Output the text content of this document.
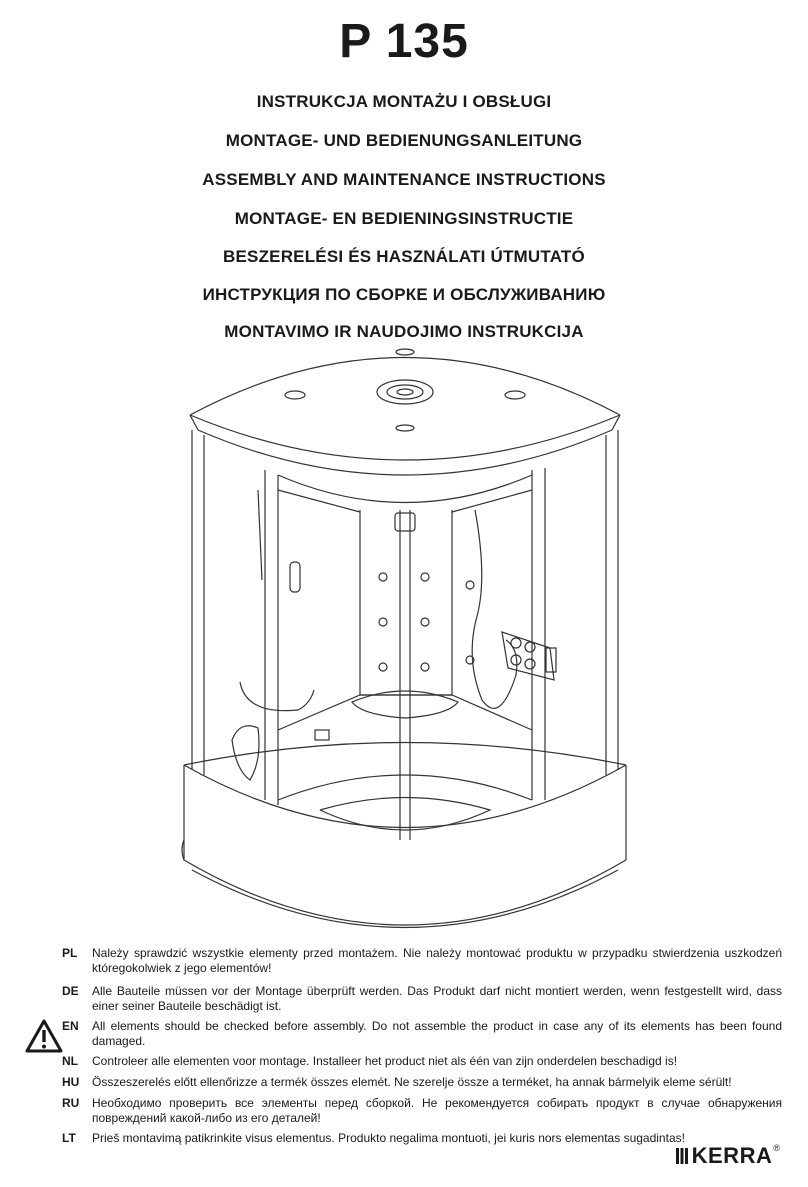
P 135
INSTRUKCJA MONTAŻU I OBSŁUGI
MONTAGE- UND BEDIENUNGSANLEITUNG
ASSEMBLY AND MAINTENANCE INSTRUCTIONS
MONTAGE- EN BEDIENINGSINSTRUCTIE
BESZERELÉSI ÉS HASZNÁLATI ÚTMUTATÓ
ИНСТРУКЦИЯ ПО СБОРКЕ И ОБСЛУЖИВАНИЮ
MONTAVIMO IR NAUDOJIMO INSTRUKCIJA
PL	Należy sprawdzić wszystkie elementy przed montażem. Nie należy montować produktu w przypadku stwierdzenia uszkodzeń któregokolwiek z jego elementów!
DE	Alle Bauteile müssen vor der Montage überprüft werden. Das Produkt darf nicht montiert werden, wenn festgestellt wird, dass einer seiner Bauteile beschädigt ist.
EN	All elements should be checked before assembly. Do not assemble the product in case any of its elements has been found damaged.
NL	Controleer alle elementen voor montage. Installeer het product niet als één van zijn onderdelen beschadigd is!
HU	Összeszerelés előtt ellenőrizze a termék összes elemét. Ne szerelje össze a terméket, ha annak bármelyik eleme sérült!
RU	Необходимо проверить все элементы перед сборкой. Не рекомендуется собирать продукт в случае обнаружения повреждений какой-либо из его деталей!
LT	Prieš montavimą patikrinkite visus elementus. Produkto negalima montuoti, jei kuris nors elementas sugadintas!
KERRA ®
